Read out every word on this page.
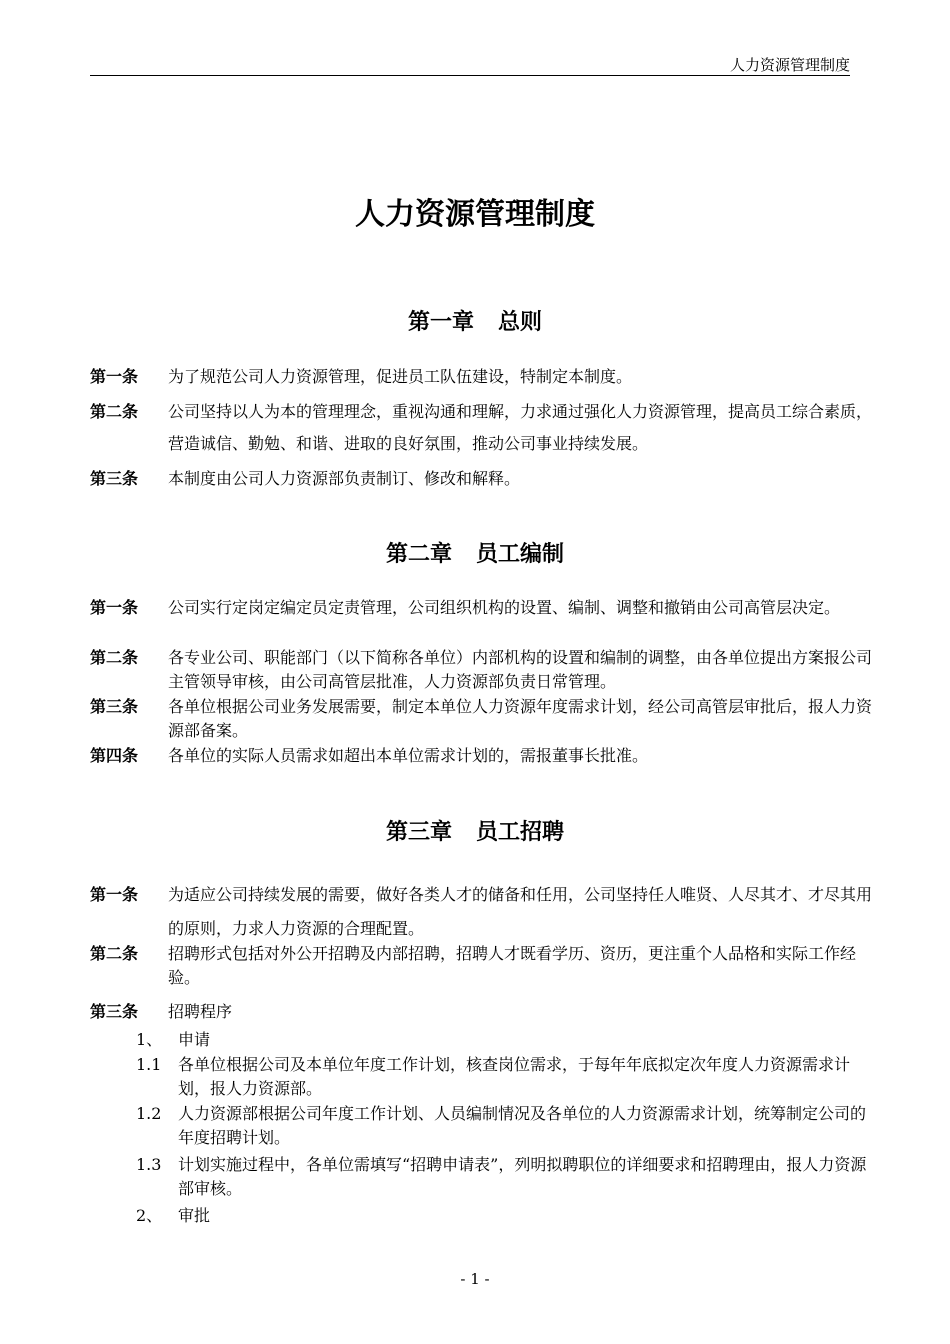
人力资源管理制度
人力资源管理制度
第一章 总则
第一条 为了规范公司人力资源管理，促进员工队伍建设，特制定本制度。
第二条 公司坚持以人为本的管理理念，重视沟通和理解，力求通过强化人力资源管理，提高员工综合素质，营造诚信、勤勉、和谐、进取的良好氛围，推动公司事业持续发展。
第三条 本制度由公司人力资源部负责制订、修改和解释。
第二章 员工编制
第一条 公司实行定岗定编定员定责管理，公司组织机构的设置、编制、调整和撤销由公司高管层决定。
第二条 各专业公司、职能部门（以下简称各单位）内部机构的设置和编制的调整，由各单位提出方案报公司主管领导审核，由公司高管层批准，人力资源部负责日常管理。
第三条 各单位根据公司业务发展需要，制定本单位人力资源年度需求计划，经公司高管层审批后，报人力资源部备案。
第四条 各单位的实际人员需求如超出本单位需求计划的，需报董事长批准。
第三章 员工招聘
第一条 为适应公司持续发展的需要，做好各类人才的储备和任用，公司坚持任人唯贤、人尽其才、才尽其用的原则，力求人力资源的合理配置。
第二条 招聘形式包括对外公开招聘及内部招聘，招聘人才既看学历、资历，更注重个人品格和实际工作经验。
第三条 招聘程序
1、 申请
1.1 各单位根据公司及本单位年度工作计划，核查岗位需求，于每年年底拟定次年度人力资源需求计划，报人力资源部。
1.2 人力资源部根据公司年度工作计划、人员编制情况及各单位的人力资源需求计划，统筹制定公司的年度招聘计划。
1.3 计划实施过程中，各单位需填写“招聘申请表”，列明拟聘职位的详细要求和招聘理由，报人力资源部审核。
2、 审批
- 1 -
